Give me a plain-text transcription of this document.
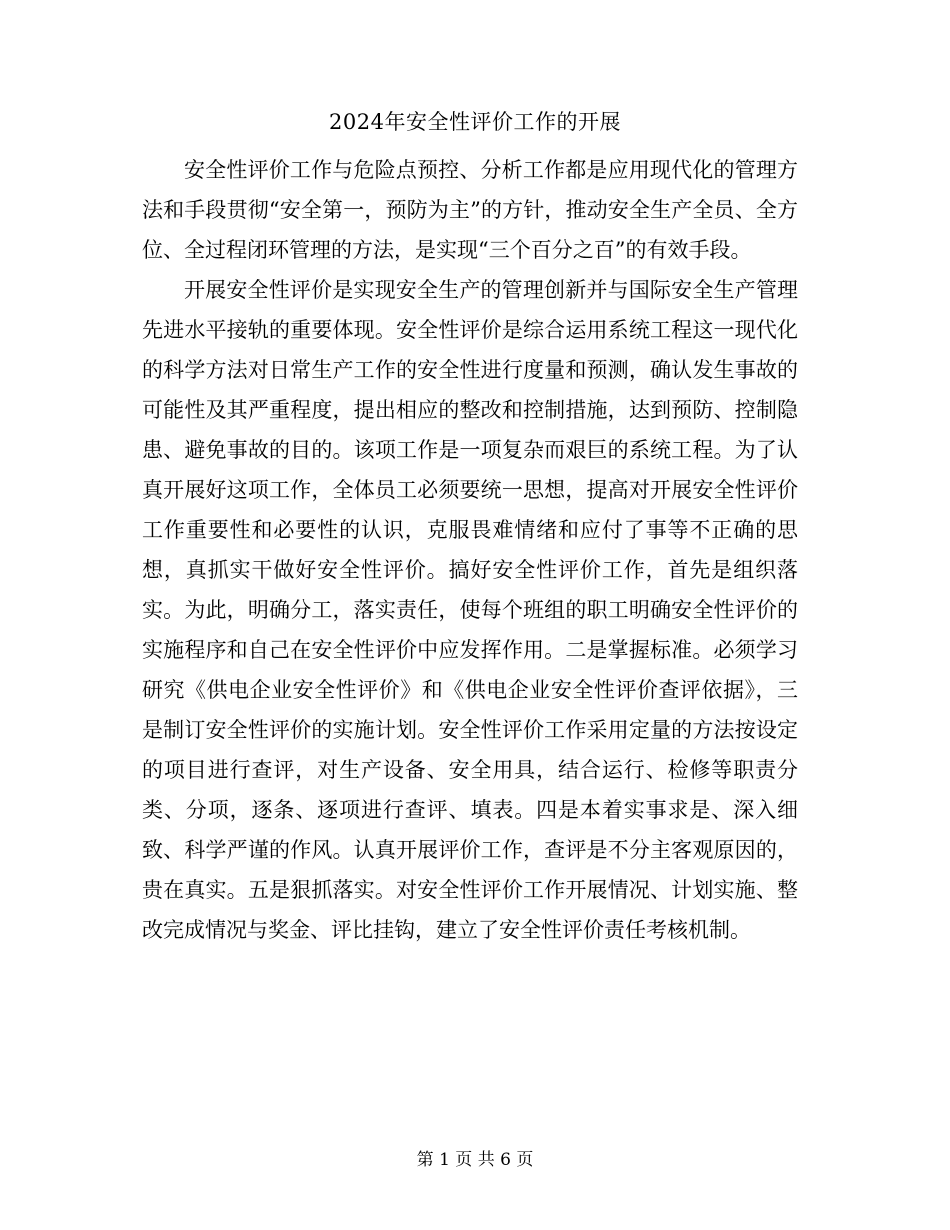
2024年安全性评价工作的开展

安全性评价工作与危险点预控、分析工作都是应用现代化的管理方法和手段贯彻“安全第一，预防为主”的方针，推动安全生产全员、全方位、全过程闭环管理的方法，是实现“三个百分之百”的有效手段。

开展安全性评价是实现安全生产的管理创新并与国际安全生产管理先进水平接轨的重要体现。安全性评价是综合运用系统工程这一现代化的科学方法对日常生产工作的安全性进行度量和预测，确认发生事故的可能性及其严重程度，提出相应的整改和控制措施，达到预防、控制隐患、避免事故的目的。该项工作是一项复杂而艰巨的系统工程。为了认真开展好这项工作，全体员工必须要统一思想，提高对开展安全性评价工作重要性和必要性的认识，克服畏难情绪和应付了事等不正确的思想，真抓实干做好安全性评价。搞好安全性评价工作，首先是组织落实。为此，明确分工，落实责任，使每个班组的职工明确安全性评价的实施程序和自己在安全性评价中应发挥作用。二是掌握标准。必须学习研究《供电企业安全性评价》和《供电企业安全性评价查评依据》，三是制订安全性评价的实施计划。安全性评价工作采用定量的方法按设定的项目进行查评，对生产设备、安全用具，结合运行、检修等职责分类、分项，逐条、逐项进行查评、填表。四是本着实事求是、深入细致、科学严谨的作风。认真开展评价工作，查评是不分主客观原因的，贵在真实。五是狠抓落实。对安全性评价工作开展情况、计划实施、整改完成情况与奖金、评比挂钩，建立了安全性评价责任考核机制。

第 1 页 共 6 页
